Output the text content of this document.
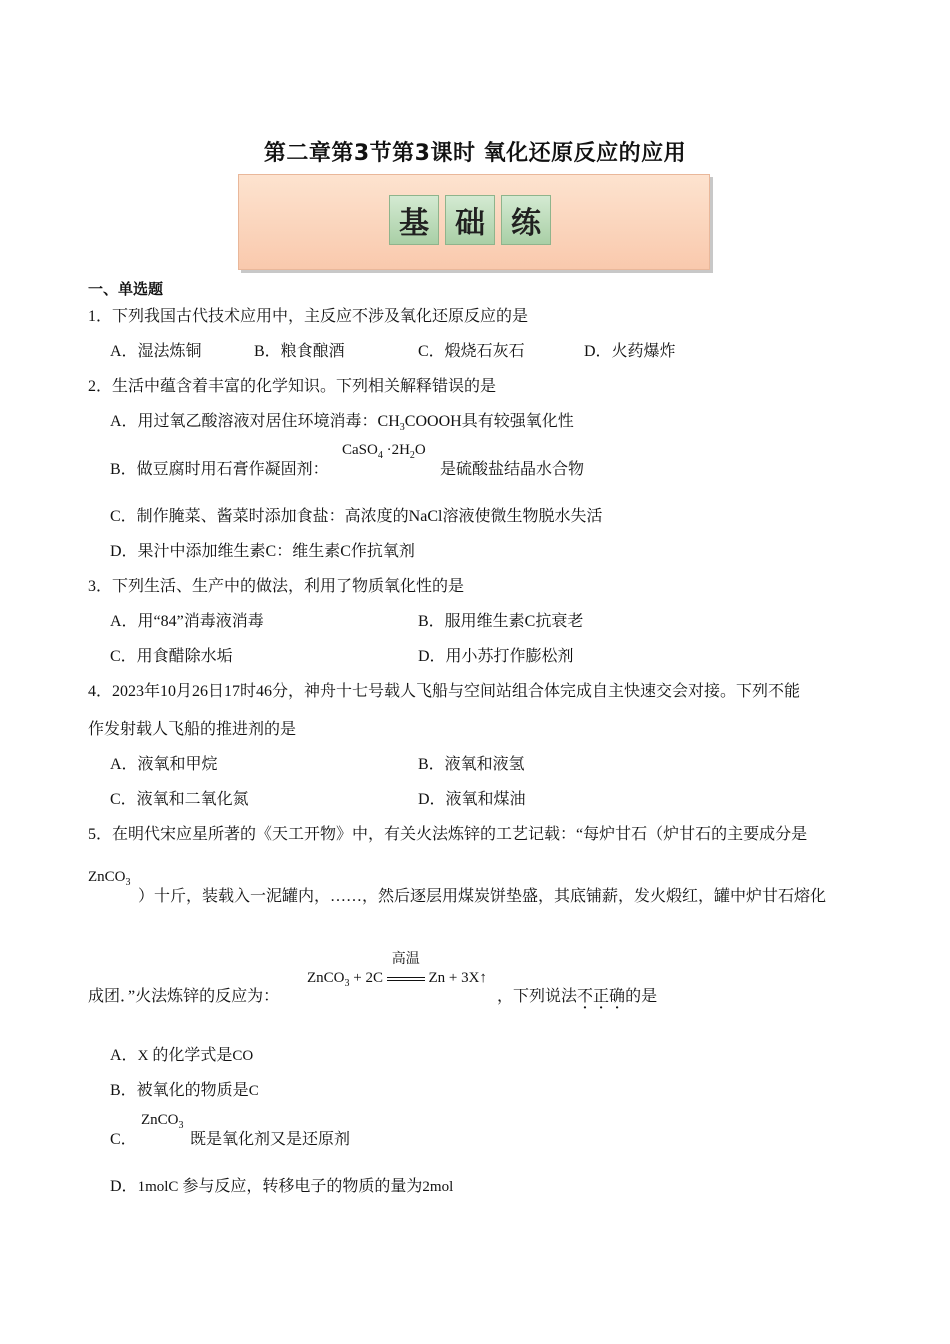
第二章第3节第3课时 氧化还原反应的应用
基 础 练
一、单选题
1．下列我国古代技术应用中，主反应不涉及氧化还原反应的是
A．湿法炼铜	B．粮食酿酒	C．煅烧石灰石	D．火药爆炸
2．生活中蕴含着丰富的化学知识。下列相关解释错误的是
A．用过氧乙酸溶液对居住环境消毒：$CH_3COOOH$具有较强氧化性
B．做豆腐时用石膏作凝固剂：
CaSO$_4$ $\cdot 2H_2O$
是硫酸盐结晶水合物
C．制作腌菜、酱菜时添加食盐：高浓度的NaCl溶液使微生物脱水失活
D．果汁中添加维生素C：维生素C作抗氧剂
3．下列生活、生产中的做法，利用了物质氧化性的是
A．用“84”消毒液消毒	B．服用维生素C抗衰老
C．用食醋除水垢	D．用小苏打作膨松剂
4．2023年10月26日17时46分，神舟十七号载人飞船与空间站组合体完成自主快速交会对接。下列不能
作发射载人飞船的推进剂的是
A．液氧和甲烷	B．液氧和液氢
C．液氧和二氧化氮	D．液氧和煤油
5．在明代宋应星所著的《天工开物》中，有关火法炼锌的工艺记载：“每炉甘石（炉甘石的主要成分是
ZnCO$_3$
）十斤，装载入一泥罐内，……，然后逐层用煤炭饼垫盛，其底铺薪，发火煅红，罐中炉甘石熔化
成团．”火法炼锌的反应为：
ZnCO$_3$ + 2C
高温
Zn + 3X↑
，下列说法不正确的是
A．X 的化学式是CO
B．被氧化的物质是C
C．
ZnCO$_3$
既是氧化剂又是还原剂
D．1molC 参与反应，转移电子的物质的量为2mol
